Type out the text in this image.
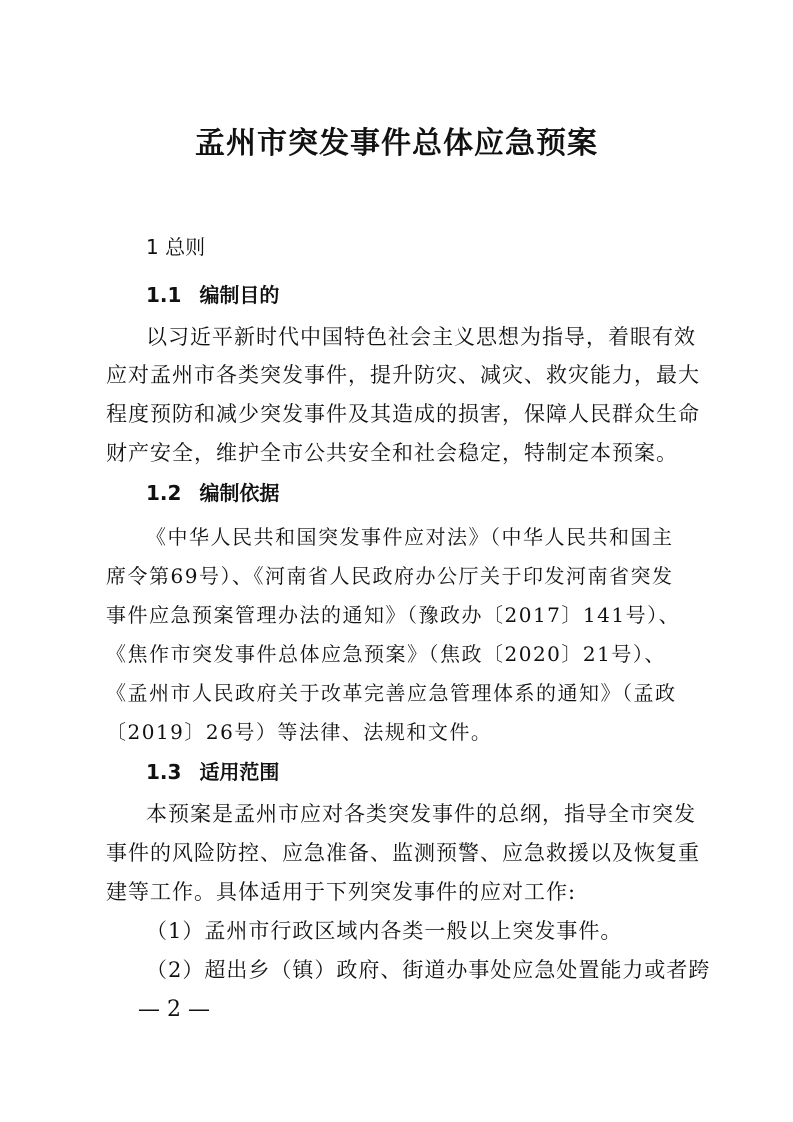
孟州市突发事件总体应急预案
1 总则
1.1 编制目的
以习近平新时代中国特色社会主义思想为指导，着眼有效
应对孟州市各类突发事件，提升防灾、减灾、救灾能力，最大
程度预防和减少突发事件及其造成的损害，保障人民群众生命
财产安全，维护全市公共安全和社会稳定，特制定本预案。
1.2 编制依据
《中华人民共和国突发事件应对法》（中华人民共和国主
席令第69号）、《河南省人民政府办公厅关于印发河南省突发
事件应急预案管理办法的通知》（豫政办〔2017〕141号）、
《焦作市突发事件总体应急预案》（焦政〔2020〕21号）、
《孟州市人民政府关于改革完善应急管理体系的通知》（孟政
〔2019〕26号）等法律、法规和文件。
1.3 适用范围
本预案是孟州市应对各类突发事件的总纲，指导全市突发
事件的风险防控、应急准备、监测预警、应急救援以及恢复重
建等工作。具体适用于下列突发事件的应对工作:
（1）孟州市行政区域内各类一般以上突发事件。
（2）超出乡（镇）政府、街道办事处应急处置能力或者跨
— 2 —
